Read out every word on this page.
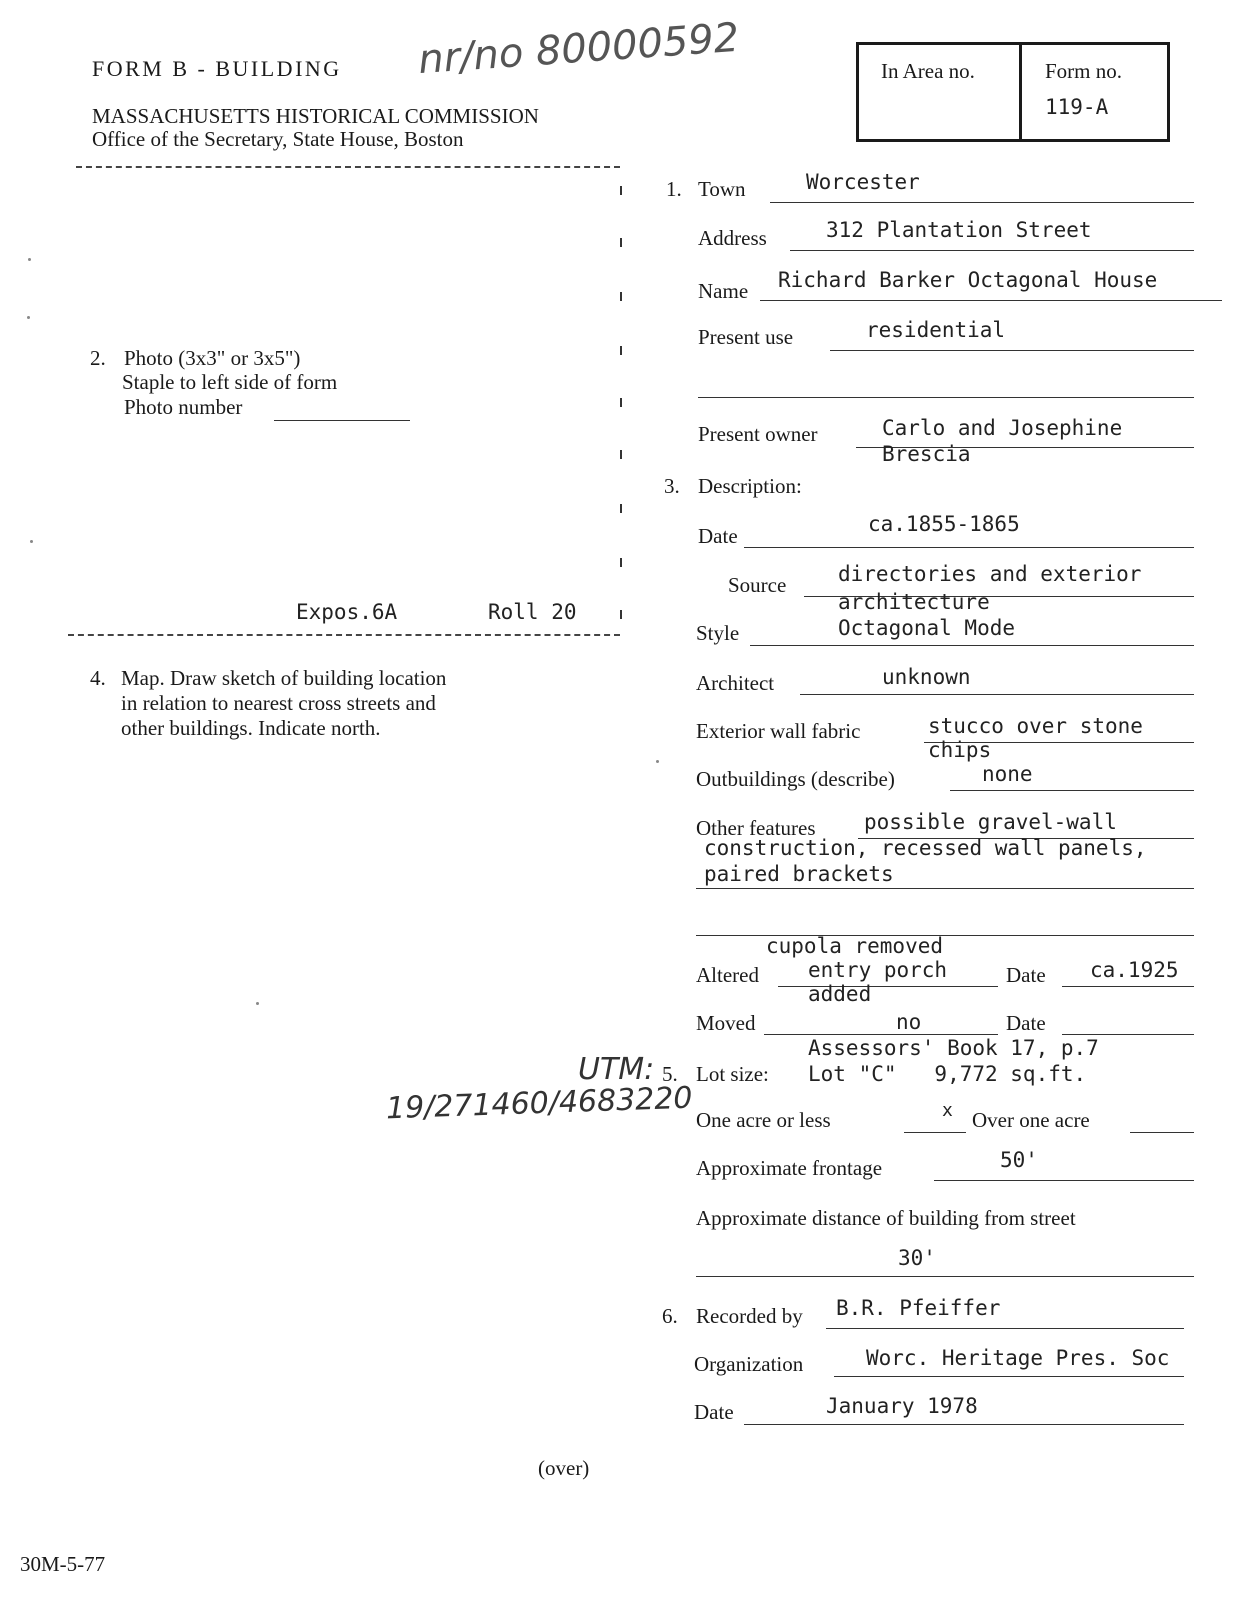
FORM B - BUILDING nr/no 80000592
MASSACHUSETTS HISTORICAL COMMISSION
Office of the Secretary, State House, Boston
In Area no.	Form no.
119-A
2. Photo (3x3" or 3x5")
Staple to left side of form
Photo number
Expos.6A	Roll 20
4. Map. Draw sketch of building location
in relation to nearest cross streets and
other buildings. Indicate north.
UTM:
19/271460/4683220
1. Town	Worcester
Address	312 Plantation Street
Name Richard Barker Octagonal House
Present use	residential
Present owner	Carlo and Josephine
Brescia
3. Description:
Date	ca.1855-1865
Source directories and exterior
architecture
Style	Octagonal Mode
Architect	unknown
Exterior wall fabric	stucco over stone
chips
Outbuildings (describe)	none
Other features possible gravel-wall
construction, recessed wall panels,
paired brackets
cupola removed
Altered entry porch
added
Date ca.1925
Moved	no	Date
Assessors' Book 17, p.7
5. Lot size: Lot "C"   9,772 sq.ft.
One acre or less	x Over one acre
Approximate frontage	50'
Approximate distance of building from street
30'
6. Recorded by B.R. Pfeiffer
Organization	Worc. Heritage Pres. Soc
Date	January 1978
(over)
30M-5-77
